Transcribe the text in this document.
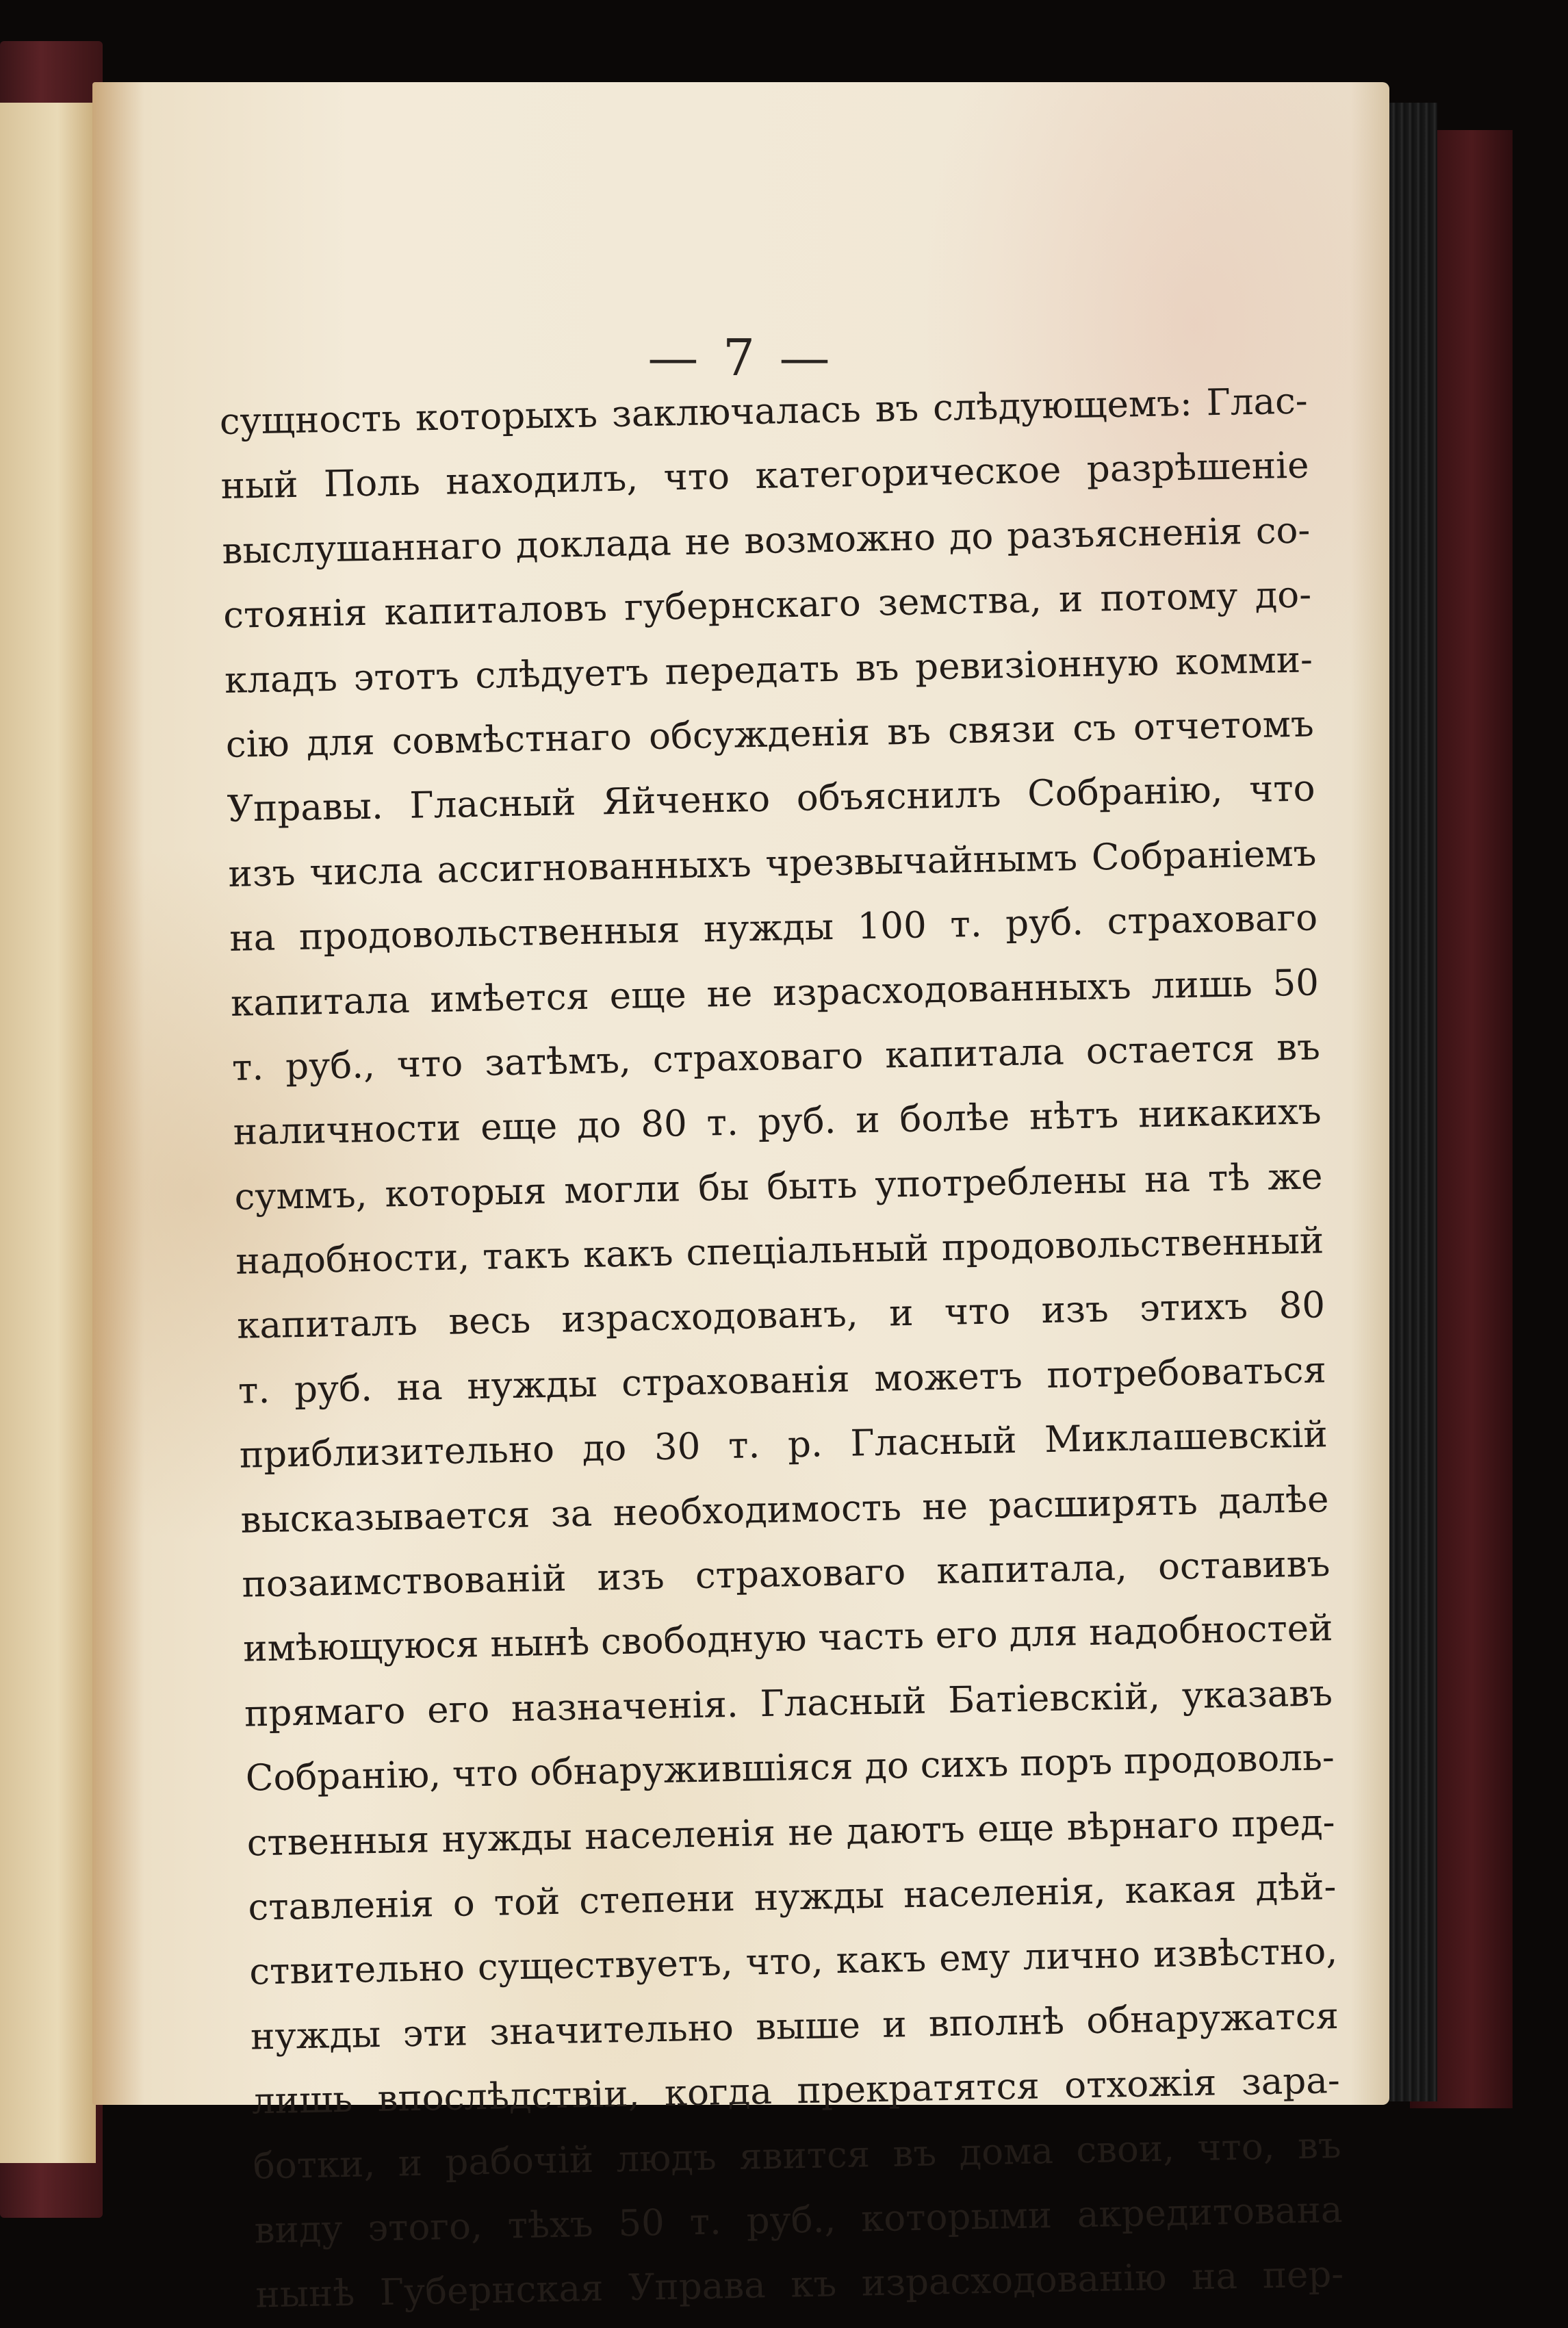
— 7 —
сущность которыхъ заключалась въ слѣдующемъ: Глас-
ный Поль находилъ, что категорическое разрѣшеніе
выслушаннаго доклада не возможно до разъясненія со-
стоянія капиталовъ губернскаго земства, и потому до-
кладъ этотъ слѣдуетъ передать въ ревизіонную комми-
сію для совмѣстнаго обсужденія въ связи съ отчетомъ
Управы. Гласный Яйченко объяснилъ Собранію, что
изъ числа ассигнованныхъ чрезвычайнымъ Собраніемъ
на продовольственныя нужды 100 т. руб. страховаго
капитала имѣется еще не израсходованныхъ лишь 50
т. руб., что затѣмъ, страховаго капитала остается въ
наличности еще до 80 т. руб. и болѣе нѣтъ никакихъ
суммъ, которыя могли бы быть употреблены на тѣ же
надобности, такъ какъ спеціальный продовольственный
капиталъ весь израсходованъ, и что изъ этихъ 80
т. руб. на нужды страхованія можетъ потребоваться
приблизительно до 30 т. р. Гласный Миклашевскій
высказывается за необходимость не расширять далѣе
позаимствованій изъ страховаго капитала, оставивъ
имѣющуюся нынѣ свободную часть его для надобностей
прямаго его назначенія. Гласный Батіевскій, указавъ
Собранію, что обнаружившіяся до сихъ поръ продоволь-
ственныя нужды населенія не даютъ еще вѣрнаго пред-
ставленія о той степени нужды населенія, какая дѣй-
ствительно существуетъ, что, какъ ему лично извѣстно,
нужды эти значительно выше и вполнѣ обнаружатся
лишь впослѣдствіи, когда прекратятся отхожія зара-
ботки, и рабочій людъ явится въ дома свои, что, въ
виду этого, тѣхъ 50 т. руб., которыми акредитована
нынѣ Губернская Управа къ израсходованію на пер-
